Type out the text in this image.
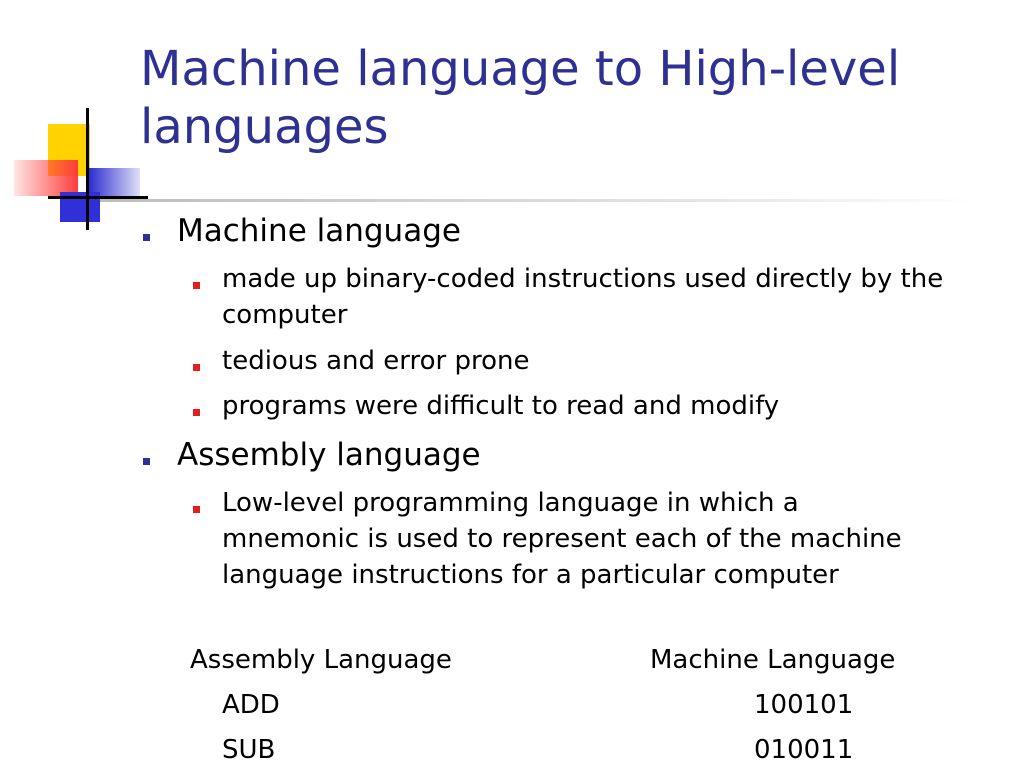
Machine language to High-level languages
Machine language
made up binary-coded instructions used directly by the computer
tedious and error prone
programs were difficult to read and modify
Assembly language
Low-level programming language in which a mnemonic is used to represent each of the machine language instructions for a particular computer
Assembly Language	Machine Language
ADD	100101
SUB	010011
